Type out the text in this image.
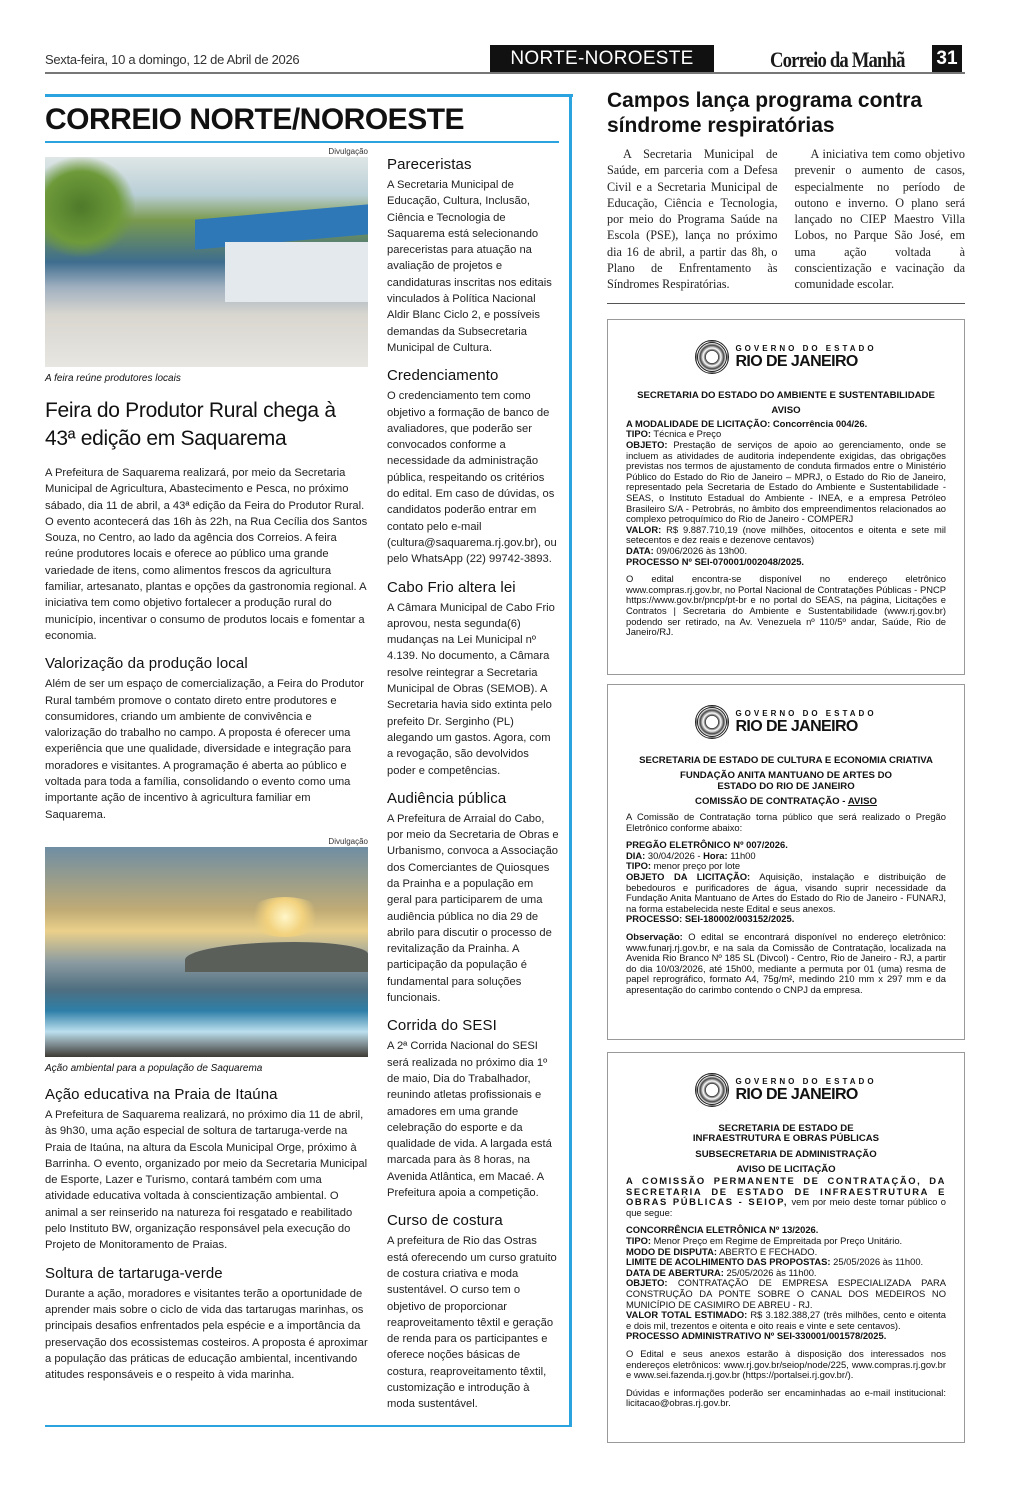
Sexta-feira, 10 a domingo, 12 de Abril de 2026	NORTE-NOROESTE	Correio da Manhã 31
CORREIO NORTE/NOROESTE
Divulgação
A feira reúne produtores locais
Feira do Produtor Rural chega à 43ª edição em Saquarema
A Prefeitura de Saquarema realizará, por meio da Secretaria Municipal de Agricultura, Abastecimento e Pesca, no próximo sábado, dia 11 de abril, a 43ª edição da Feira do Produtor Rural. O evento acontecerá das 16h às 22h, na Rua Cecília dos Santos Souza, no Centro, ao lado da agência dos Correios. A feira reúne produtores locais e oferece ao público uma grande variedade de itens, como alimentos frescos da agricultura familiar, artesanato, plantas e opções da gastronomia regional. A iniciativa tem como objetivo fortalecer a produção rural do município, incentivar o consumo de produtos locais e fomentar a economia.
Valorização da produção local
Além de ser um espaço de comercialização, a Feira do Produtor Rural também promove o contato direto entre produtores e consumidores, criando um ambiente de convivência e valorização do trabalho no campo. A proposta é oferecer uma experiência que une qualidade, diversidade e integração para moradores e visitantes. A programação é aberta ao público e voltada para toda a família, consolidando o evento como uma importante ação de incentivo à agricultura familiar em Saquarema.
Divulgação
Ação ambiental para a população de Saquarema
Ação educativa na Praia de Itaúna
A Prefeitura de Saquarema realizará, no próximo dia 11 de abril, às 9h30, uma ação especial de soltura de tartaruga-verde na Praia de Itaúna, na altura da Escola Municipal Orge, próximo à Barrinha. O evento, organizado por meio da Secretaria Municipal de Esporte, Lazer e Turismo, contará também com uma atividade educativa voltada à conscientização ambiental. O animal a ser reinserido na natureza foi resgatado e reabilitado pelo Instituto BW, organização responsável pela execução do Projeto de Monitoramento de Praias.
Soltura de tartaruga-verde
Durante a ação, moradores e visitantes terão a oportunidade de aprender mais sobre o ciclo de vida das tartarugas marinhas, os principais desafios enfrentados pela espécie e a importância da preservação dos ecossistemas costeiros. A proposta é aproximar a população das práticas de educação ambiental, incentivando atitudes responsáveis e o respeito à vida marinha.
Pareceristas
A Secretaria Municipal de Educação, Cultura, Inclusão, Ciência e Tecnologia de Saquarema está selecionando pareceristas para atuação na avaliação de projetos e candidaturas inscritas nos editais vinculados à Política Nacional Aldir Blanc Ciclo 2, e possíveis demandas da Subsecretaria Municipal de Cultura.
Credenciamento
O credenciamento tem como objetivo a formação de banco de avaliadores, que poderão ser convocados conforme a necessidade da administração pública, respeitando os critérios do edital. Em caso de dúvidas, os candidatos poderão entrar em contato pelo e-mail (cultura@saquarema.rj.gov.br), ou pelo WhatsApp (22) 99742-3893.
Cabo Frio altera lei
A Câmara Municipal de Cabo Frio aprovou, nesta segunda(6) mudanças na Lei Municipal nº 4.139. No documento, a Câmara resolve reintegrar a Secretaria Municipal de Obras (SEMOB). A Secretaria havia sido extinta pelo prefeito Dr. Serginho (PL) alegando um gastos. Agora, com a revogação, são devolvidos poder e competências.
Audiência pública
A Prefeitura de Arraial do Cabo, por meio da Secretaria de Obras e Urbanismo, convoca a Associação dos Comerciantes de Quiosques da Prainha e a população em geral para participarem de uma audiência pública no dia 29 de abrilo para discutir o processo de revitalização da Prainha. A participação da população é fundamental para soluções funcionais.
Corrida do SESI
A 2ª Corrida Nacional do SESI será realizada no próximo dia 1º de maio, Dia do Trabalhador, reunindo atletas profissionais e amadores em uma grande celebração do esporte e da qualidade de vida. A largada está marcada para às 8 horas, na Avenida Atlântica, em Macaé. A Prefeitura apoia a competição.
Curso de costura
A prefeitura de Rio das Ostras está oferecendo um curso gratuito de costura criativa e moda sustentável. O curso tem o objetivo de proporcionar reaproveitamento têxtil e geração de renda para os participantes e oferece noções básicas de costura, reaproveitamento têxtil, customização e introdução à moda sustentável.
Campos lança programa contra síndrome respiratórias
A Secretaria Municipal de Saúde, em parceria com a Defesa Civil e a Secretaria Municipal de Educação, Ciência e Tecnologia, por meio do Programa Saúde na Escola (PSE), lança no próximo dia 16 de abril, a partir das 8h, o Plano de Enfrentamento às Síndromes Respiratórias.
A iniciativa tem como objetivo prevenir o aumento de casos, especialmente no período de outono e inverno. O plano será lançado no CIEP Maestro Villa Lobos, no Parque São José, em uma ação voltada à conscientização e vacinação da comunidade escolar.
GOVERNO DO ESTADO
RIO DE JANEIRO
SECRETARIA DO ESTADO DO AMBIENTE E SUSTENTABILIDADE
AVISO
A MODALIDADE DE LICITAÇÃO: Concorrência 004/26.
TIPO: Técnica e Preço
OBJETO: Prestação de serviços de apoio ao gerenciamento, onde se incluem as atividades de auditoria independente exigidas, das obrigações previstas nos termos de ajustamento de conduta firmados entre o Ministério Público do Estado do Rio de Janeiro – MPRJ, o Estado do Rio de Janeiro, representado pela Secretaria de Estado do Ambiente e Sustentabilidade - SEAS, o Instituto Estadual do Ambiente - INEA, e a empresa Petróleo Brasileiro S/A - Petrobrás, no âmbito dos empreendimentos relacionados ao complexo petroquímico do Rio de Janeiro - COMPERJ
VALOR: R$ 9.887.710,19 (nove milhões, oitocentos e oitenta e sete mil setecentos e dez reais e dezenove centavos)
DATA: 09/06/2026 às 13h00.
PROCESSO Nº SEI-070001/002048/2025.
O edital encontra-se disponível no endereço eletrônico www.compras.rj.gov.br, no Portal Nacional de Contratações Públicas - PNCP https://www.gov.br/pncp/pt-br e no portal do SEAS, na página, Licitações e Contratos | Secretaria do Ambiente e Sustentabilidade (www.rj.gov.br) podendo ser retirado, na Av. Venezuela nº 110/5º andar, Saúde, Rio de Janeiro/RJ.
GOVERNO DO ESTADO
RIO DE JANEIRO
SECRETARIA DE ESTADO DE CULTURA E ECONOMIA CRIATIVA
FUNDAÇÃO ANITA MANTUANO DE ARTES DO ESTADO DO RIO DE JANEIRO
COMISSÃO DE CONTRATAÇÃO - AVISO
A Comissão de Contratação torna público que será realizado o Pregão Eletrônico conforme abaixo:
PREGÃO ELETRÔNICO Nº 007/2026.
DIA: 30/04/2026 - Hora: 11h00

TIPO: menor preço por lote
OBJETO DA LICITAÇÃO: Aquisição, instalação e distribuição de bebedouros e purificadores de água, visando suprir necessidade da Fundação Anita Mantuano de Artes do Estado do Rio de Janeiro - FUNARJ, na forma estabelecida neste Edital e seus anexos.
PROCESSO: SEI-180002/003152/2025.
Observação: O edital se encontrará disponível no endereço eletrônico: www.funarj.rj.gov.br, e na sala da Comissão de Contratação, localizada na Avenida Rio Branco Nº 185 SL (Divcol) - Centro, Rio de Janeiro - RJ, a partir do dia 10/03/2026, até 15h00, mediante a permuta por 01 (uma) resma de papel reprográfico, formato A4, 75g/m², medindo 210 mm x 297 mm e da apresentação do carimbo contendo o CNPJ da empresa.
GOVERNO DO ESTADO
RIO DE JANEIRO
SECRETARIA DE ESTADO DE INFRAESTRUTURA E OBRAS PÚBLICAS
SUBSECRETARIA DE ADMINISTRAÇÃO
AVISO DE LICITAÇÃO
A COMISSÃO PERMANENTE DE CONTRATAÇÃO, DA SECRETARIA DE ESTADO DE INFRAESTRUTURA E OBRAS PÚBLICAS - SEIOP, vem por meio deste tornar público o que segue:
CONCORRÊNCIA ELETRÔNICA Nº 13/2026.
TIPO: Menor Preço em Regime de Empreitada por Preço Unitário.
MODO DE DISPUTA: ABERTO E FECHADO.
LIMITE DE ACOLHIMENTO DAS PROPOSTAS: 25/05/2026 às 11h00.
DATA DE ABERTURA: 25/05/2026 às 11h00.
OBJETO: CONTRATAÇÃO DE EMPRESA ESPECIALIZADA PARA CONSTRUÇÃO DA PONTE SOBRE O CANAL DOS MEDEIROS NO MUNICÍPIO DE CASIMIRO DE ABREU - RJ.
VALOR TOTAL ESTIMADO: R$ 3.182.388,27 (três milhões, cento e oitenta e dois mil, trezentos e oitenta e oito reais e vinte e sete centavos).
PROCESSO ADMINISTRATIVO Nº SEI-330001/001578/2025.
O Edital e seus anexos estarão à disposição dos interessados nos endereços eletrônicos: www.rj.gov.br/seiop/node/225, www.compras.rj.gov.br e www.sei.fazenda.rj.gov.br (https://portalsei.rj.gov.br/).
Dúvidas e informações poderão ser encaminhadas ao e-mail institucional: licitacao@obras.rj.gov.br.
